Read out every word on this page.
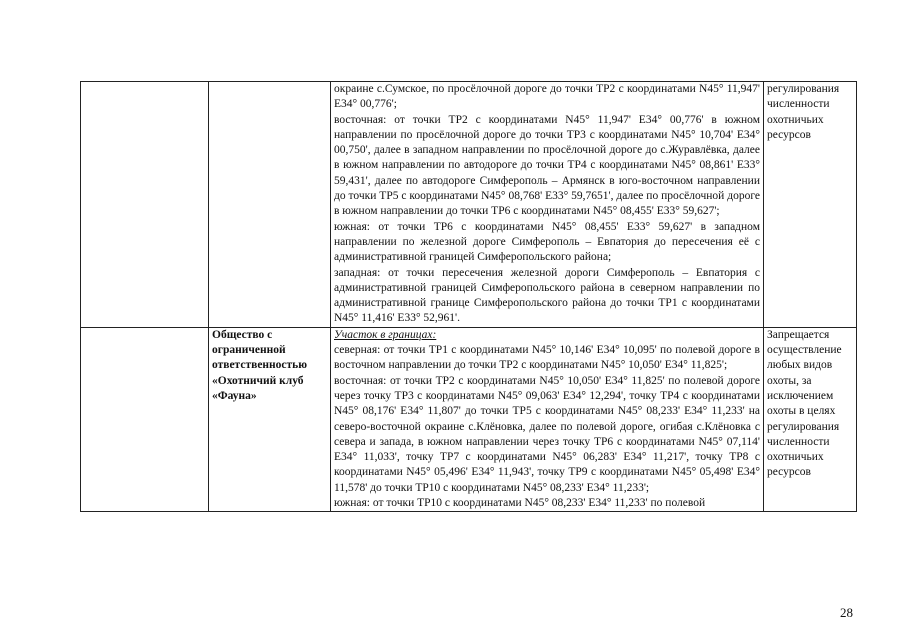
		окраине с.Сумское, по просёлочной дороге до точки ТР2 с координатами N45° 11,947' E34° 00,776';
восточная: от точки ТР2 с координатами N45° 11,947' E34° 00,776' в южном направлении по просёлочной дороге до точки ТР3 с координатами N45° 10,704' E34° 00,750', далее в западном направлении по просёлочной дороге до с.Журавлёвка, далее в южном направлении по автодороге до точки ТР4 с координатами N45° 08,861' E33° 59,431', далее по автодороге Симферополь – Армянск в юго-восточном направлении до точки ТР5 с координатами N45° 08,768' E33° 59,7651', далее по просёлочной дороге в южном направлении до точки ТР6 с координатами N45° 08,455' E33° 59,627';
южная: от точки ТР6 с координатами N45° 08,455' E33° 59,627' в западном направлении по железной дороге Симферополь – Евпатория до пересечения её с административной границей Симферопольского района;
западная: от точки пересечения железной дороги Симферополь – Евпатория с административной границей Симферопольского района в северном направлении по административной границе Симферопольского района до точки ТР1 с координатами N45° 11,416' E33° 52,961'.	регулирования численности охотничьих ресурсов
	Общество с ограниченной ответственностью «Охотничий клуб «Фауна»	Участок в границах:
северная: от точки ТР1 с координатами N45° 10,146' E34° 10,095' по полевой дороге в восточном направлении до точки ТР2 с координатами N45° 10,050' E34° 11,825';
восточная: от точки ТР2 с координатами N45° 10,050' E34° 11,825' по полевой дороге через точку ТР3 с координатами N45° 09,063' E34° 12,294', точку ТР4 с координатами N45° 08,176' E34° 11,807' до точки ТР5 с координатами N45° 08,233' E34° 11,233' на северо-восточной окраине с.Клёновка, далее по полевой дороге, огибая с.Клёновка с севера и запада, в южном направлении через точку ТР6 с координатами N45° 07,114' E34° 11,033', точку ТР7 с координатами N45° 06,283' E34° 11,217', точку ТР8 с координатами N45° 05,496' E34° 11,943', точку ТР9 с координатами N45° 05,498' E34° 11,578' до точки ТР10 с координатами N45° 08,233' E34° 11,233';
южная: от точки ТР10 с координатами N45° 08,233' E34° 11,233' по полевой	Запрещается осуществление любых видов охоты, за исключением охоты в целях регулирования численности охотничьих ресурсов
28
